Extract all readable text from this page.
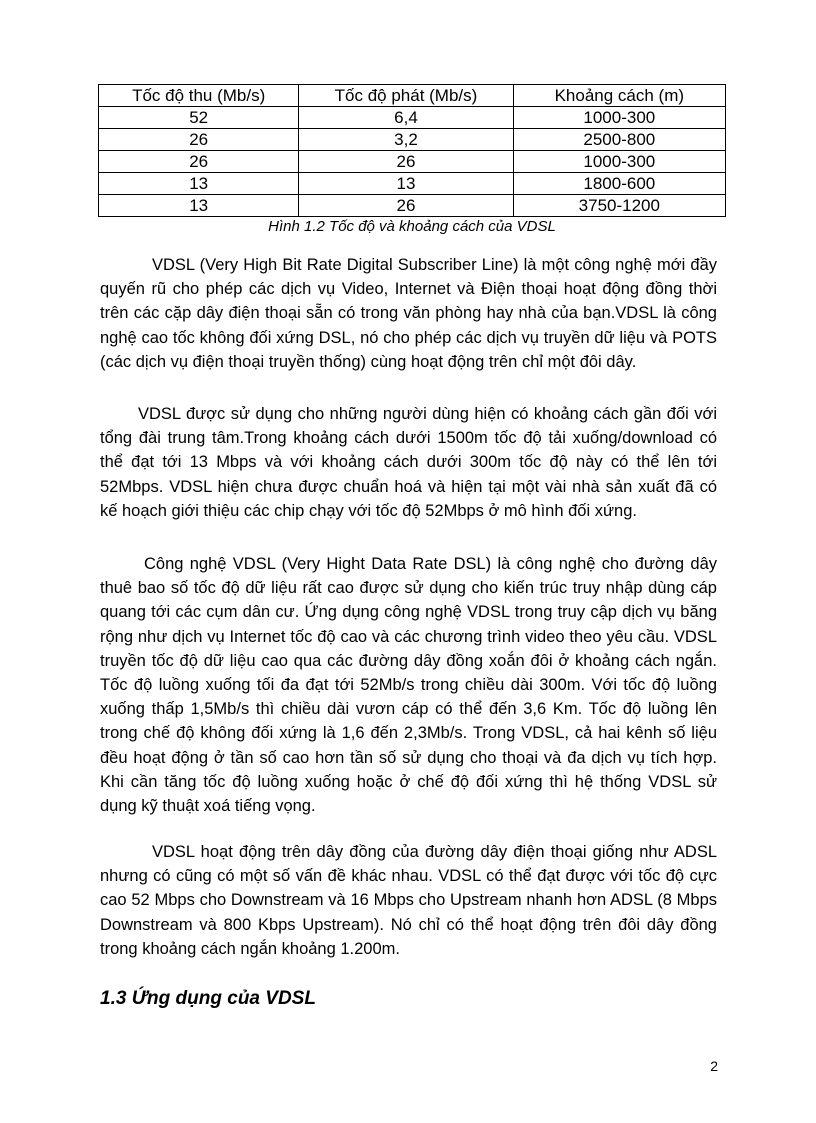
Tốc độ thu (Mb/s)	Tốc độ phát (Mb/s)	Khoảng cách (m)
52	6,4	1000-300
26	3,2	2500-800
26	26	1000-300
13	13	1800-600
13	26	3750-1200
Hình 1.2 Tốc độ và khoảng cách của VDSL

VDSL (Very High Bit Rate Digital Subscriber Line) là một công nghệ mới đầy quyến rũ cho phép các dịch vụ Video, Internet và Điện thoại hoạt động đồng thời trên các cặp dây điện thoại sẵn có trong văn phòng hay nhà của bạn.VDSL là công nghệ cao tốc không đối xứng DSL, nó cho phép các dịch vụ truyền dữ liệu và POTS (các dịch vụ điện thoại truyền thống) cùng hoạt động trên chỉ một đôi dây.

VDSL được sử dụng cho những người dùng hiện có khoảng cách gần đối với tổng đài trung tâm.Trong khoảng cách dưới 1500m tốc độ tải xuống/download có thể đạt tới 13 Mbps và với khoảng cách dưới 300m tốc độ này có thể lên tới 52Mbps. VDSL hiện chưa được chuẩn hoá và hiện tại một vài nhà sản xuất đã có kế hoạch giới thiệu các chip chạy với tốc độ 52Mbps ở mô hình đối xứng.

Công nghệ VDSL (Very Hight Data Rate DSL) là công nghệ cho đường dây thuê bao số tốc độ dữ liệu rất cao được sử dụng cho kiến trúc truy nhập dùng cáp quang tới các cụm dân cư. Ứng dụng công nghệ VDSL trong truy cập dịch vụ băng rộng như dịch vụ Internet tốc độ cao và các chương trình video theo yêu cầu. VDSL truyền tốc độ dữ liệu cao qua các đường dây đồng xoắn đôi ở khoảng cách ngắn. Tốc độ luồng xuống tối đa đạt tới 52Mb/s trong chiều dài 300m. Với tốc độ luồng xuống thấp 1,5Mb/s thì chiều dài vươn cáp có thể đến 3,6 Km. Tốc độ luồng lên trong chế độ không đối xứng là 1,6 đến 2,3Mb/s. Trong VDSL, cả hai kênh số liệu đều hoạt động ở tần số cao hơn tần số sử dụng cho thoại và đa dịch vụ tích hợp. Khi cần tăng tốc độ luồng xuống hoặc ở chế độ đối xứng thì hệ thống VDSL sử dụng kỹ thuật xoá tiếng vọng.

VDSL hoạt động trên dây đồng của đường dây điện thoại giống như ADSL nhưng có cũng có một số vấn đề khác nhau. VDSL có thể đạt được với tốc độ cực cao 52 Mbps cho Downstream và 16 Mbps cho Upstream nhanh hơn ADSL (8 Mbps Downstream và 800 Kbps Upstream). Nó chỉ có thể hoạt động trên đôi dây đồng trong khoảng cách ngắn khoảng 1.200m.

1.3 Ứng dụng của VDSL
2
